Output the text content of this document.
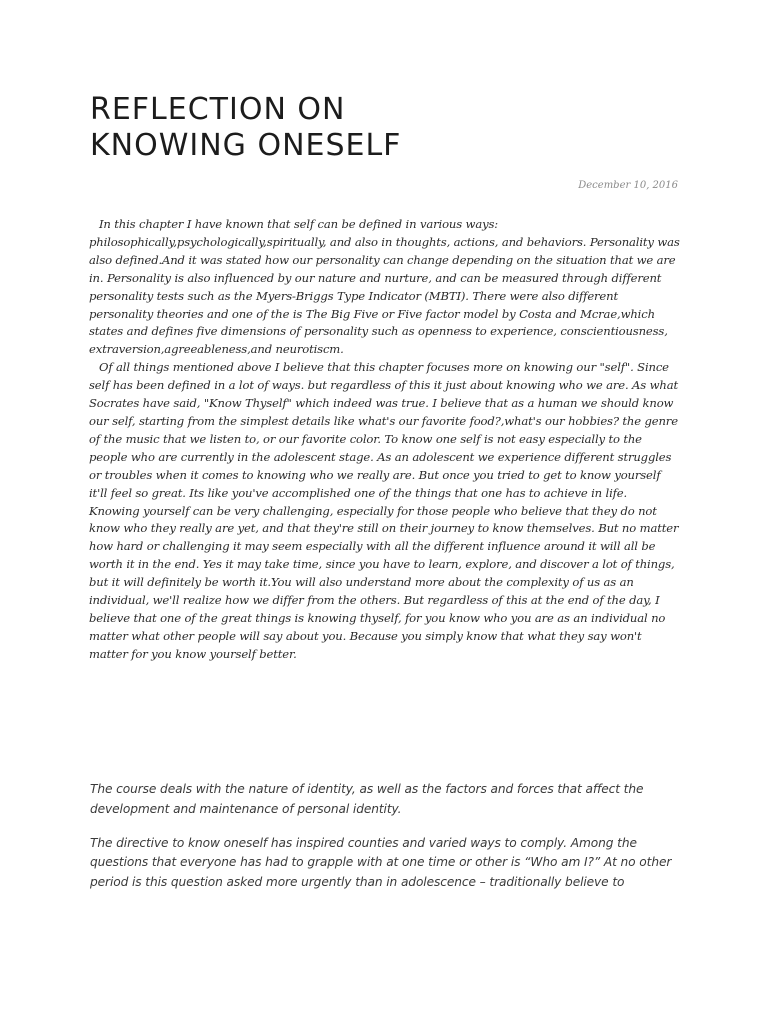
REFLECTION ON
KNOWING ONESELF
December 10, 2016

In this chapter I have known that self can be defined in various ways: philosophically,psychologically,spiritually, and also in thoughts, actions, and behaviors. Personality was also defined.And it was stated how our personality can change depending on the situation that we are in. Personality is also influenced by our nature and nurture, and can be measured through different personality tests such as the Myers-Briggs Type Indicator (MBTI). There were also different personality theories and one of the is The Big Five or Five factor model by Costa and Mcrae,which states and defines five dimensions of personality such as openness to experience, conscientiousness, extraversion,agreeableness,and neurotiscm.

Of all things mentioned above I believe that this chapter focuses more on knowing our "self". Since self has been defined in a lot of ways. but regardless of this it just about knowing who we are. As what Socrates have said, "Know Thyself" which indeed was true. I believe that as a human we should know our self, starting from the simplest details like what's our favorite food?,what's our hobbies? the genre of the music that we listen to, or our favorite color. To know one self is not easy especially to the people who are currently in the adolescent stage. As an adolescent we experience different struggles or troubles when it comes to knowing who we really are. But once you tried to get to know yourself it'll feel so great. Its like you've accomplished one of the things that one has to achieve in life. Knowing yourself can be very challenging, especially for those people who believe that they do not know who they really are yet, and that they're still on their journey to know themselves. But no matter how hard or challenging it may seem especially with all the different influence around it will all be worth it in the end. Yes it may take time, since you have to learn, explore, and discover a lot of things, but it will definitely be worth it.You will also understand more about the complexity of us as an individual, we'll realize how we differ from the others. But regardless of this at the end of the day, I believe that one of the great things is knowing thyself, for you know who you are as an individual no matter what other people will say about you. Because you simply know that what they say won't matter for you know yourself better.

The course deals with the nature of identity, as well as the factors and forces that affect the development and maintenance of personal identity.

The directive to know oneself has inspired counties and varied ways to comply. Among the questions that everyone has had to grapple with at one time or other is “Who am I?” At no other period is this question asked more urgently than in adolescence – traditionally believe to
